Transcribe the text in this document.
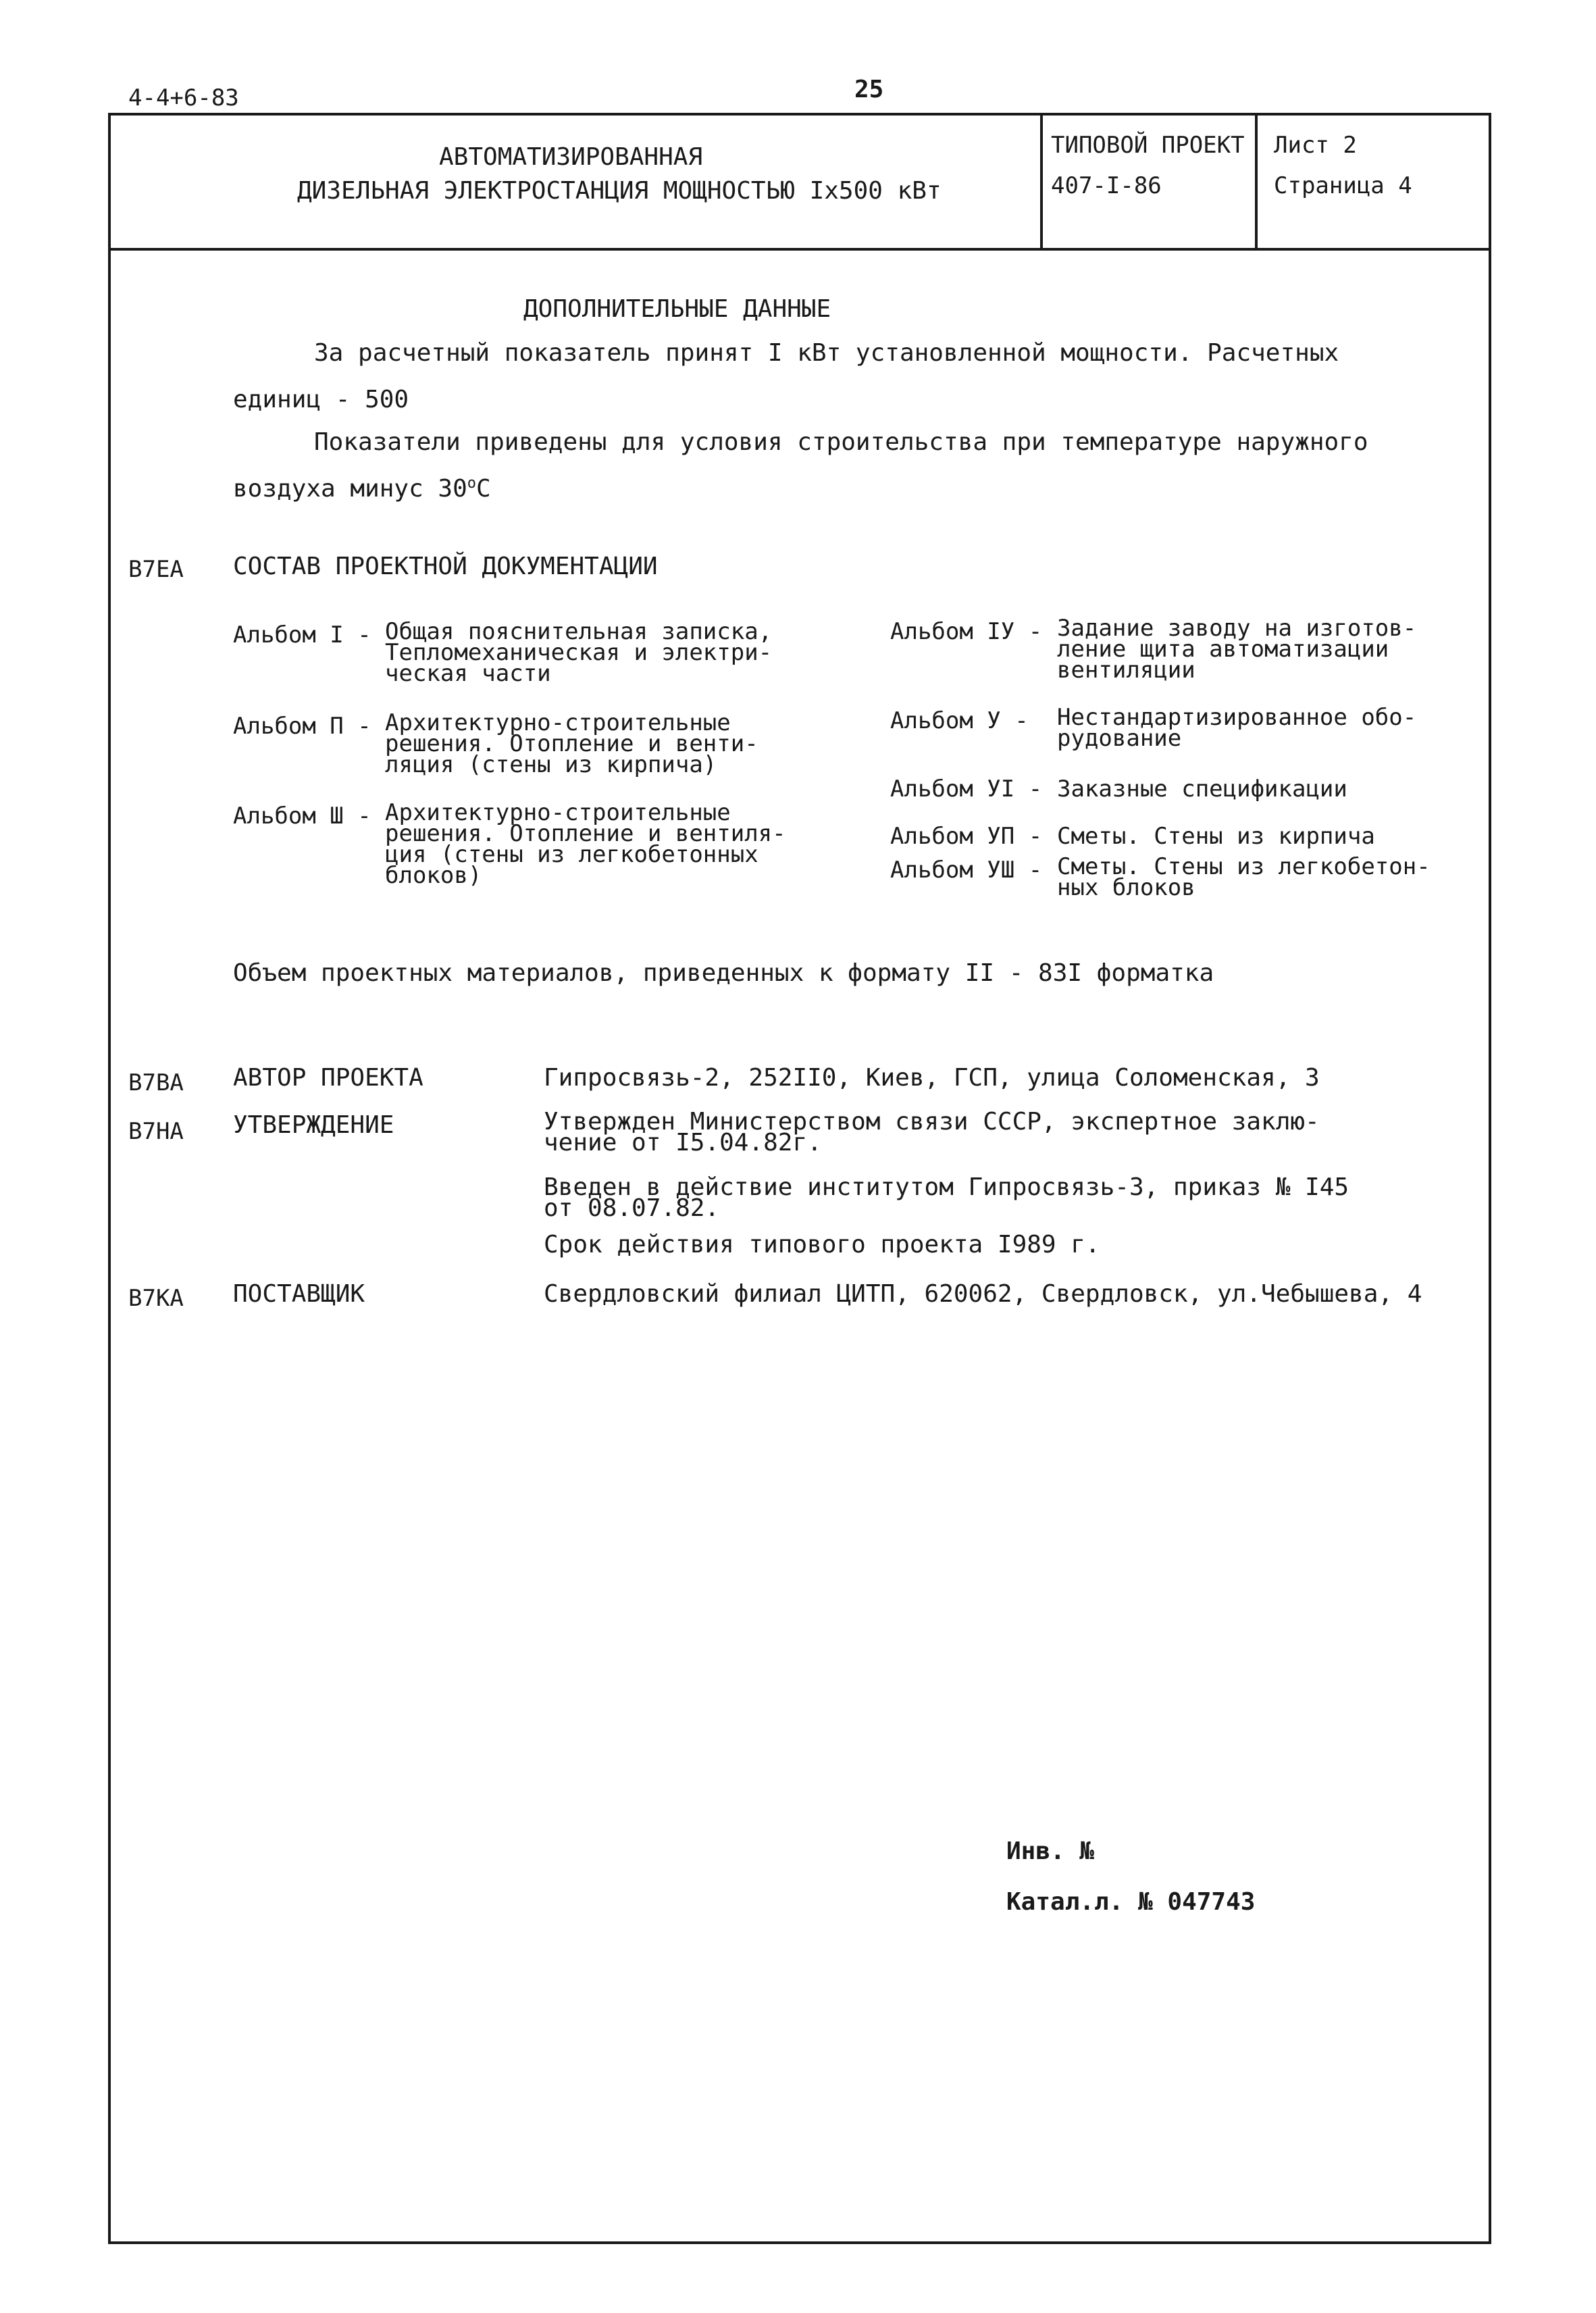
4-4+6-83	25
АВТОМАТИЗИРОВАННАЯ
ДИЗЕЛЬНАЯ ЭЛЕКТРОСТАНЦИЯ МОЩНОСТЬЮ Iх500 кВт
ТИПОВОЙ ПРОЕКТ
407-I-86
Лист 2
Страница 4
ДОПОЛНИТЕЛЬНЫЕ ДАННЫЕ
За расчетный показатель принят I кВт установленной мощности. Расчетных
единиц - 500
Показатели приведены для условия строительства при температуре наружного
воздуха минус $30^оС$
В7ЕА СОСТАВ ПРОЕКТНОЙ ДОКУМЕНТАЦИИ
Альбом I - Общая пояснительная записка,
Тепломеханическая и электри-
ческая части
Альбом П - Архитектурно-строительные
решения. Отопление и венти-
ляция (стены из кирпича)
Альбом Ш - Архитектурно-строительные
решения. Отопление и вентиля-
ция (стены из легкобетонных
блоков)
Альбом IУ - Задание заводу на изготов-
ление щита автоматизации
вентиляции
Альбом У - Нестандартизированное обо-
рудование
Альбом УI - Заказные спецификации
Альбом УП - Сметы. Стены из кирпича
Альбом УШ - Сметы. Стены из легкобетон-
ных блоков
Объем проектных материалов, приведенных к формату II - 83I форматка
В7ВА АВТОР ПРОЕКТА	Гипросвязь-2, 252II0, Киев, ГСП, улица Соломенская, 3
В7НА УТВЕРЖДЕНИЕ	Утвержден Министерством связи СССР, экспертное заклю-
чение от I5.04.82г.
Введен в действие институтом Гипросвязь-3, приказ № I45
от 08.07.82.
Срок действия типового проекта I989 г.
В7КА ПОСТАВЩИК	Свердловский филиал ЦИТП, 620062, Свердловск, ул.Чебышева, 4
Инв. №
Катал.л. № 047743
